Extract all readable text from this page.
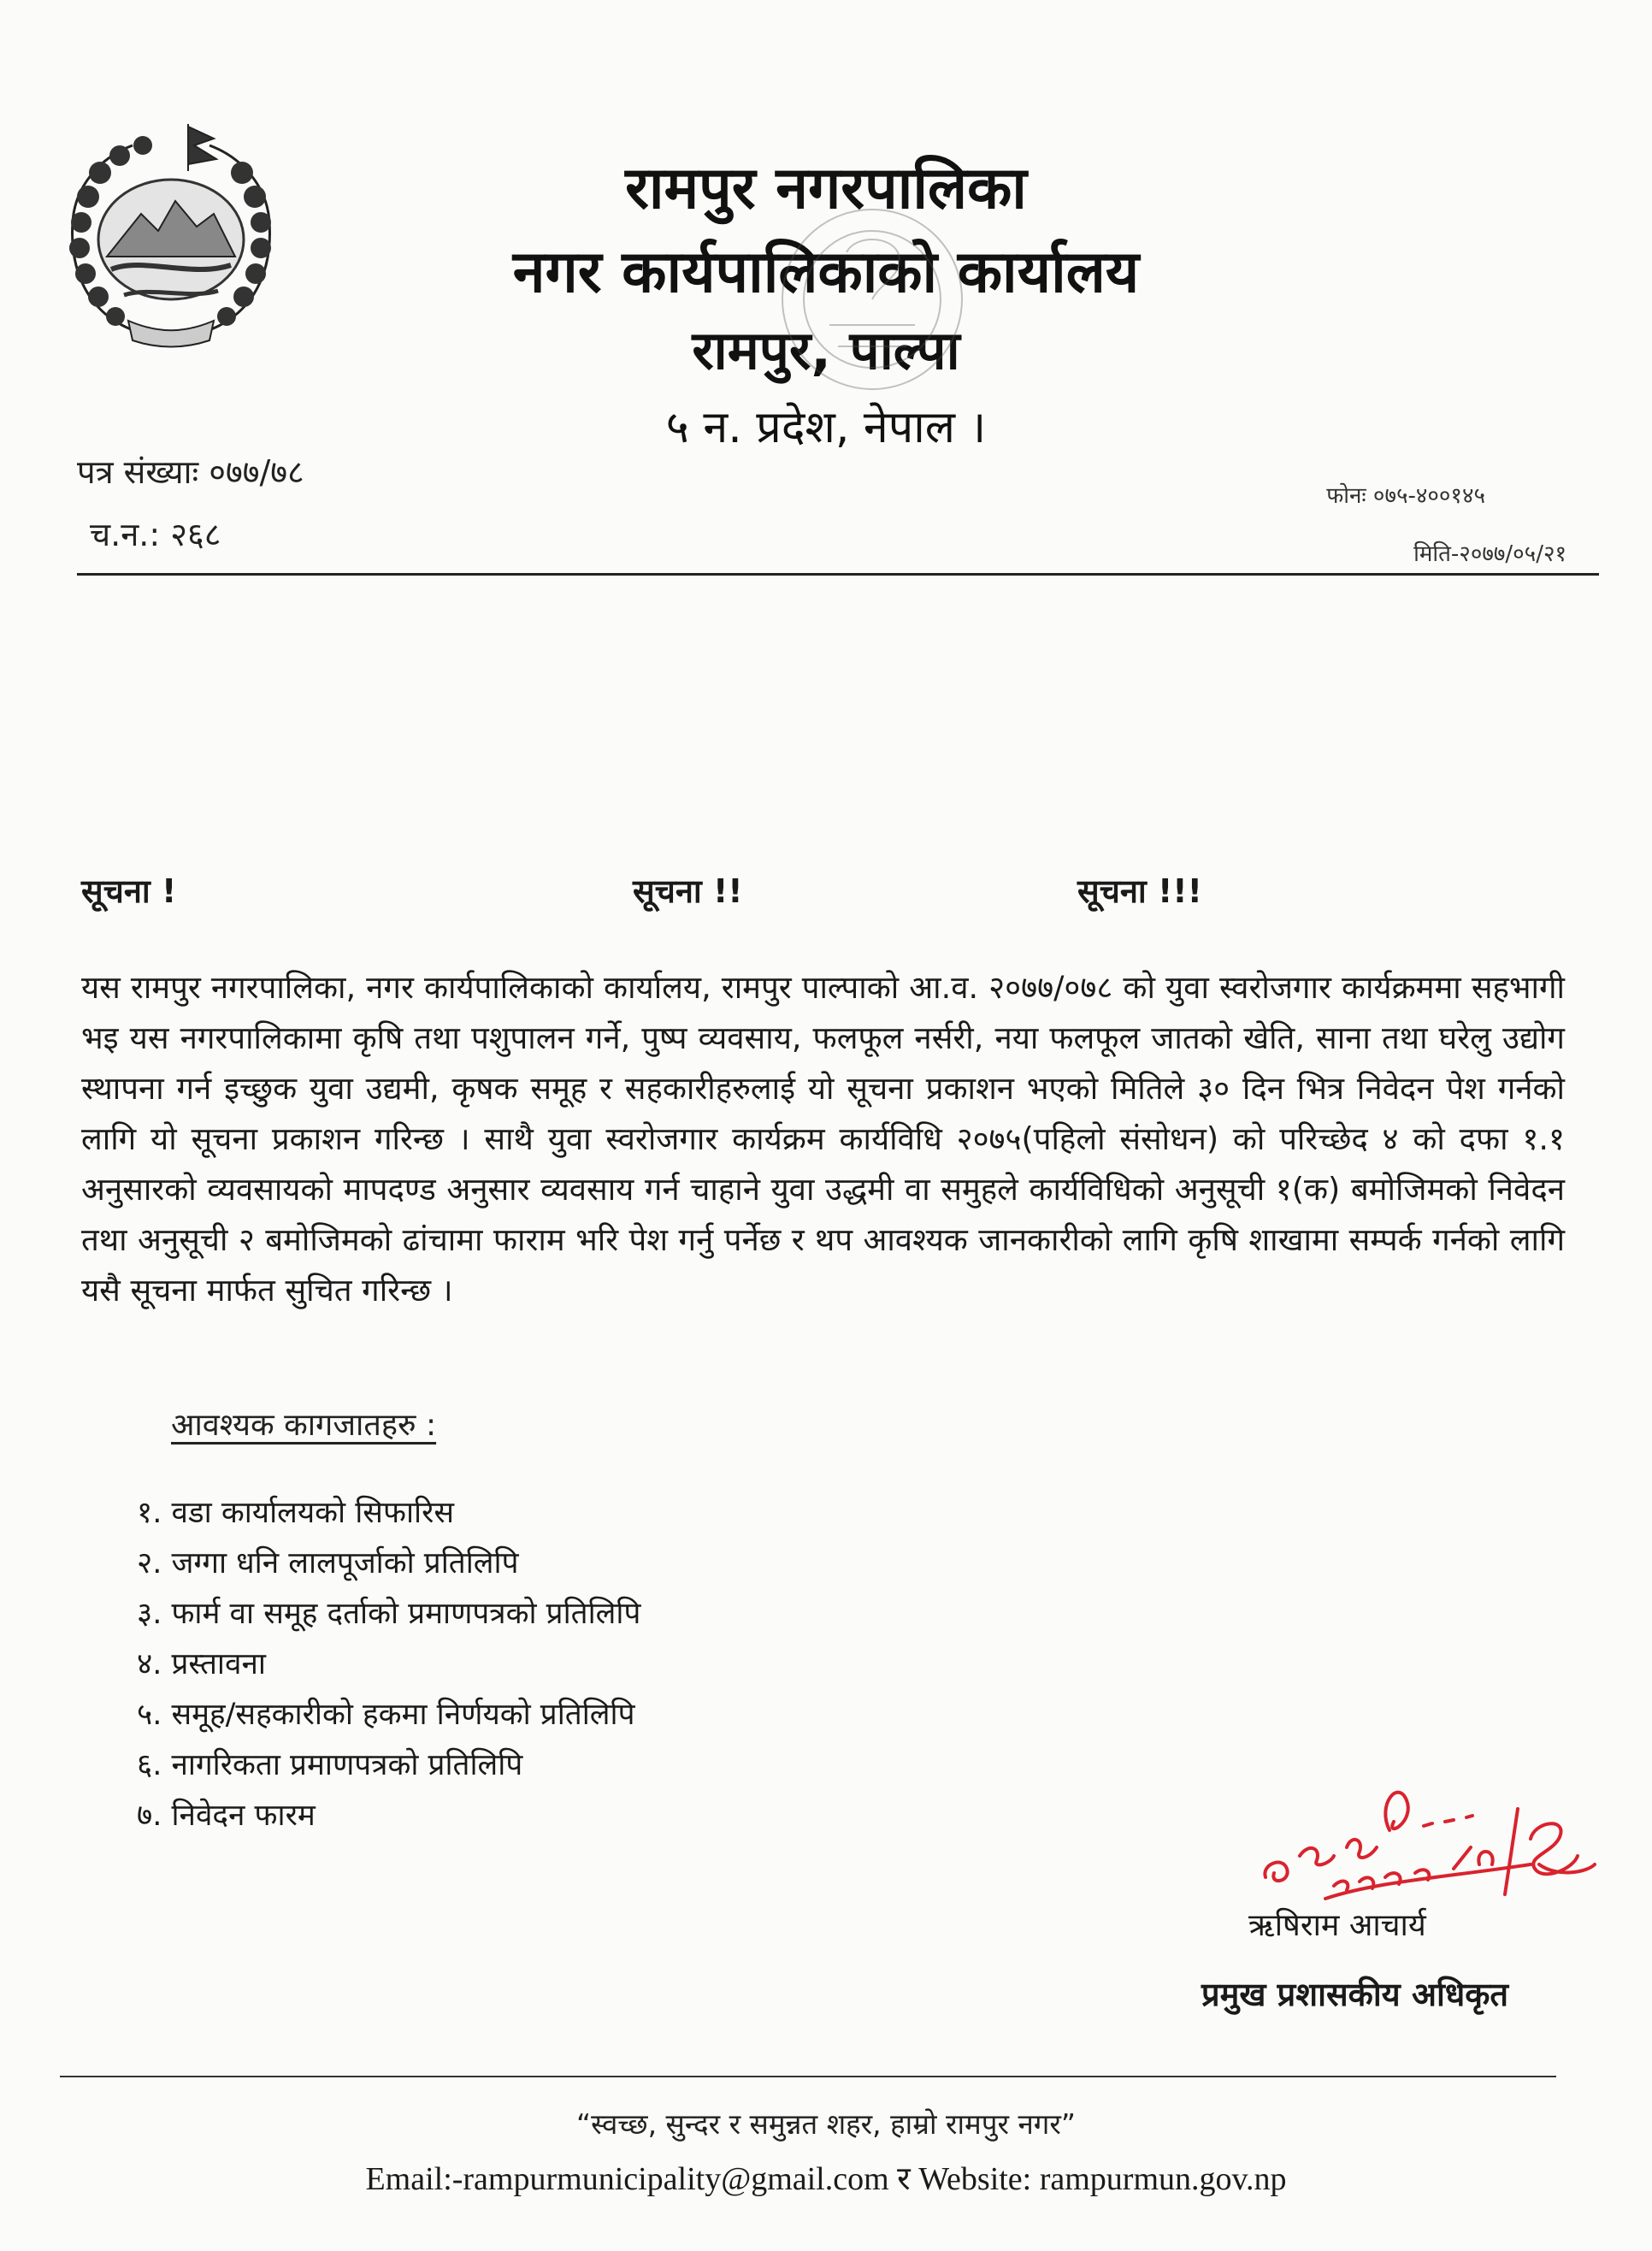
रामपुर नगरपालिका
नगर कार्यपालिकाको कार्यालय
रामपुर, पाल्पा
५ न. प्रदेश, नेपाल ।
पत्र संख्याः ०७७/७८
च.न.: २६८
फोनः ०७५-४००१४५
मिति-२०७७/०५/२१
सूचना !	सूचना !!	सूचना !!!
यस रामपुर नगरपालिका, नगर कार्यपालिकाको कार्यालय, रामपुर पाल्पाको आ.व. २०७७/०७८ को युवा स्वरोजगार कार्यक्रममा सहभागी भइ यस नगरपालिकामा कृषि तथा पशुपालन गर्ने, पुष्प व्यवसाय, फलफूल नर्सरी, नया फलफूल जातको खेति, साना तथा घरेलु उद्योग स्थापना गर्न इच्छुक युवा उद्यमी, कृषक समूह र सहकारीहरुलाई यो सूचना प्रकाशन भएको मितिले ३० दिन भित्र निवेदन पेश गर्नको लागि यो सूचना प्रकाशन गरिन्छ । साथै युवा स्वरोजगार कार्यक्रम कार्यविधि २०७५(पहिलो संसोधन) को परिच्छेद ४ को दफा १.१ अनुसारको व्यवसायको मापदण्ड अनुसार व्यवसाय गर्न चाहाने युवा उद्धमी वा समुहले कार्यविधिको अनुसूची १(क) बमोजिमको निवेदन तथा अनुसूची २ बमोजिमको ढांचामा फाराम भरि पेश गर्नु पर्नेछ र थप आवश्यक जानकारीको लागि कृषि शाखामा सम्पर्क गर्नको लागि यसै सूचना मार्फत सुचित गरिन्छ ।
आवश्यक कागजातहरु :
१. वडा कार्यालयको सिफारिस
२. जग्गा धनि लालपूर्जाको प्रतिलिपि
३. फार्म वा समूह दर्ताको प्रमाणपत्रको प्रतिलिपि
४. प्रस्तावना
५. समूह/सहकारीको हकमा निर्णयको प्रतिलिपि
६. नागरिकता प्रमाणपत्रको प्रतिलिपि
७. निवेदन फारम
ऋषिराम आचार्य
प्रमुख प्रशासकीय अधिकृत
“स्वच्छ, सुन्दर र समुन्नत शहर, हाम्रो रामपुर नगर”
Email:-rampurmunicipality@gmail.com र Website: rampurmun.gov.np
